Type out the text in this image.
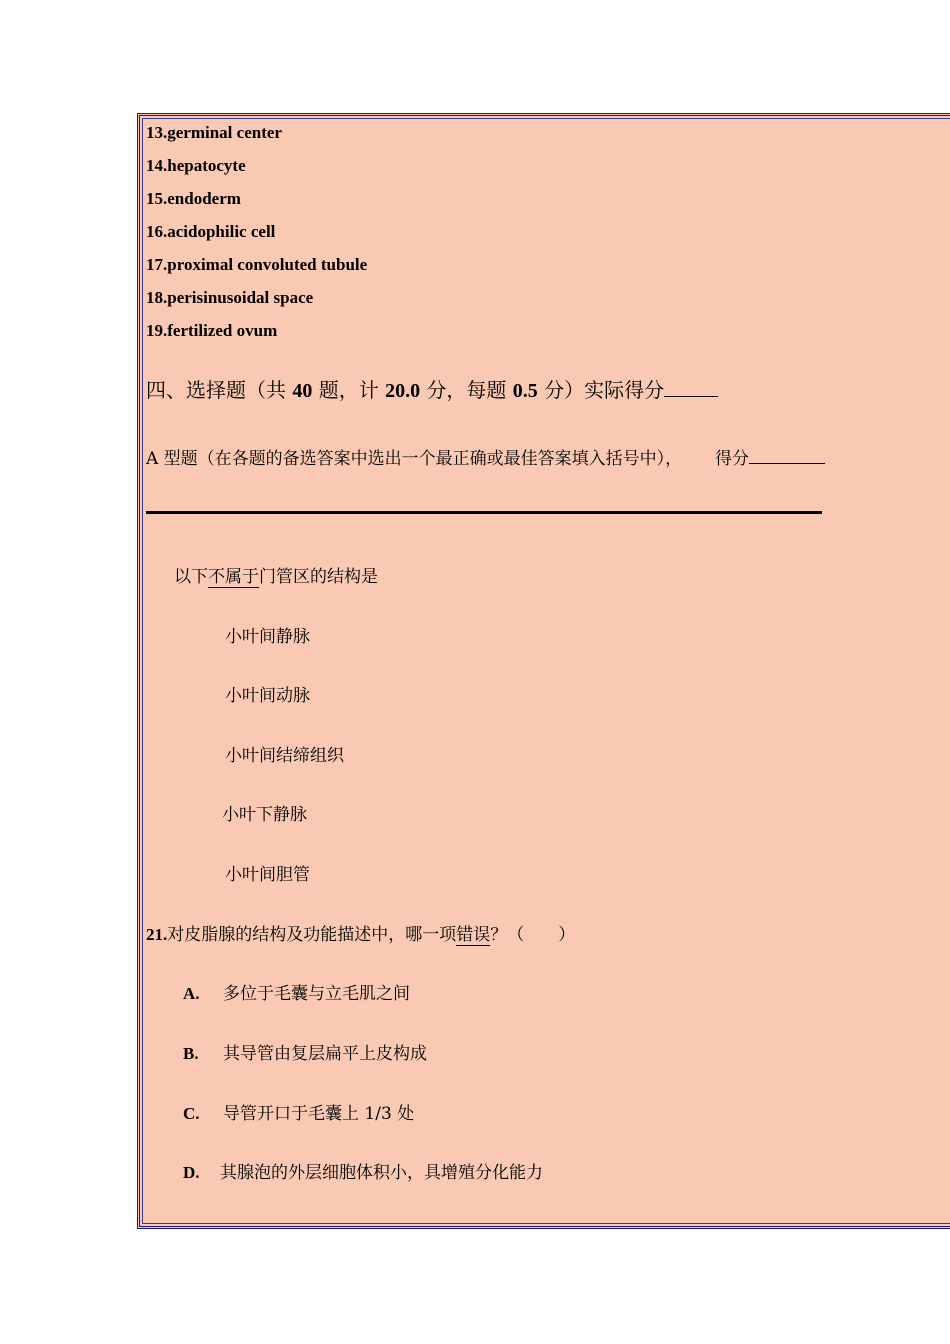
13.germinal center
14.hepatocyte
15.endoderm
16.acidophilic cell
17.proximal convoluted tubule
18.perisinusoidal space
19.fertilized ovum
四、选择题（共 40 题，计 20.0 分，每题 0.5 分）实际得分
A 型题（在各题的备选答案中选出一个最正确或最佳答案填入括号中）， 得分
以下不属于门管区的结构是
小叶间静脉
小叶间动脉
小叶间结缔组织
小叶下静脉
小叶间胆管
21.对皮脂腺的结构及功能描述中，哪一项错误？（　　）
A. 多位于毛囊与立毛肌之间
B. 其导管由复层扁平上皮构成
C. 导管开口于毛囊上 1/3 处
D. 其腺泡的外层细胞体积小，具增殖分化能力
